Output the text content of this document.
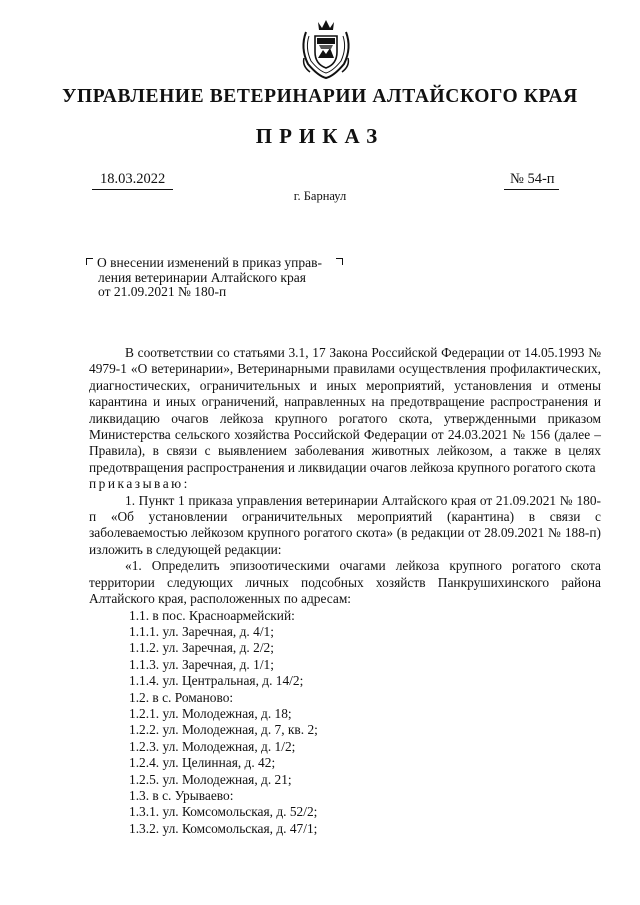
УПРАВЛЕНИЕ ВЕТЕРИНАРИИ АЛТАЙСКОГО КРАЯ
ПРИКАЗ
18.03.2022	№ 54-п
г. Барнаул
О внесении изменений в приказ управ-
ления ветеринарии Алтайского края
от 21.09.2021 № 180-п

В соответствии со статьями 3.1, 17 Закона Российской Федерации от 14.05.1993 № 4979-1 «О ветеринарии», Ветеринарными правилами осуществления профилактических, диагностических, ограничительных и иных мероприятий, установления и отмены карантина и иных ограничений, направленных на предотвращение распространения и ликвидацию очагов лейкоза крупного рогатого скота, утвержденными приказом Министерства сельского хозяйства Российской Федерации от 24.03.2021 № 156 (далее – Правила), в связи с выявлением заболевания животных лейкозом, а также в целях предотвращения распространения и ликвидации очагов лейкоза крупного рогатого скота

приказываю:

1. Пункт 1 приказа управления ветеринарии Алтайского края от 21.09.2021 № 180-п «Об установлении ограничительных мероприятий (карантина) в связи с заболеваемостью лейкозом крупного рогатого скота» (в редакции от 28.09.2021 № 188-п) изложить в следующей редакции:

«1. Определить эпизоотическими очагами лейкоза крупного рогатого скота территории следующих личных подсобных хозяйств Панкрушихинского района Алтайского края, расположенных по адресам:

1.1. в пос. Красноармейский:

1.1.1. ул. Заречная, д. 4/1;

1.1.2. ул. Заречная, д. 2/2;

1.1.3. ул. Заречная, д. 1/1;

1.1.4. ул. Центральная, д. 14/2;

1.2. в с. Романово:

1.2.1. ул. Молодежная, д. 18;

1.2.2. ул. Молодежная, д. 7, кв. 2;

1.2.3. ул. Молодежная, д. 1/2;

1.2.4. ул. Целинная, д. 42;

1.2.5. ул. Молодежная, д. 21;

1.3. в с. Урываево:

1.3.1. ул. Комсомольская, д. 52/2;

1.3.2. ул. Комсомольская, д. 47/1;
